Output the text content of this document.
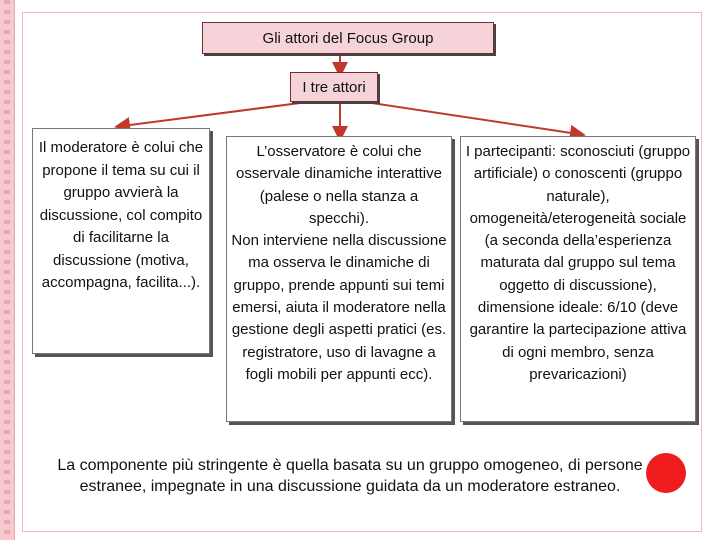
Gli attori del Focus Group
I tre attori
Il moderatore è colui che propone il tema su cui il gruppo avvierà la discussione, col compito di facilitarne la discussione (motiva, accompagna, facilita...).
L’osservatore è colui che osservale dinamiche interattive (palese o nella stanza a specchi).
Non interviene nella discussione ma osserva le dinamiche di gruppo, prende appunti sui temi emersi, aiuta il moderatore nella gestione degli aspetti pratici (es. registratore, uso di lavagne a fogli mobili per appunti ecc).
I partecipanti: sconosciuti (gruppo artificiale) o conoscenti (gruppo naturale), omogeneità/eterogeneità sociale (a seconda della’esperienza maturata dal gruppo sul tema oggetto di discussione), dimensione ideale: 6/10 (deve garantire la partecipazione attiva di ogni membro, senza prevaricazioni)
La componente più stringente è quella basata su un gruppo omogeneo, di persone estranee, impegnate in una discussione guidata da un moderatore estraneo.
